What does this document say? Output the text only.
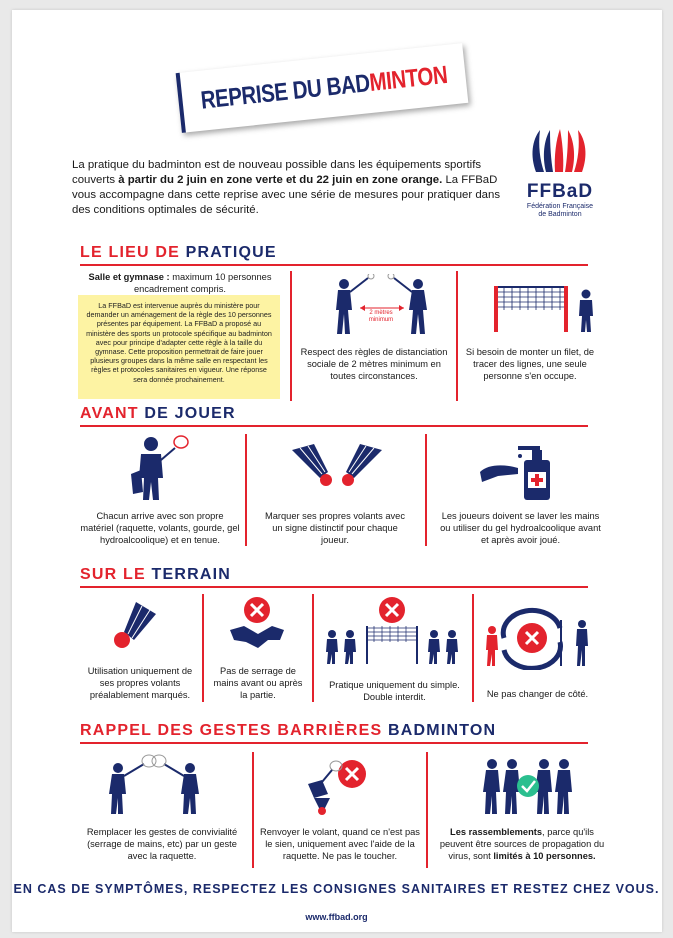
REPRISE DU BADMINTON
La pratique du badminton est de nouveau possible dans les équipements sportifs couverts à partir du 2 juin en zone verte et du 22 juin en zone orange. La FFBaD vous accompagne dans cette reprise avec une série de mesures pour pratiquer dans des conditions optimales de sécurité.
FFBaD
Fédération Française
de Badminton
LE LIEU DE PRATIQUE
Salle et gymnase : maximum 10 personnes encadrement compris.
La FFBaD est intervenue auprès du ministère pour demander un aménagement de la règle des 10 personnes présentes par équipement. La FFBaD a proposé au ministère des sports un protocole spécifique au badminton avec pour principe d'adapter cette règle à la taille du gymnase. Cette proposition permettrait de faire jouer plusieurs groupes dans la même salle en respectant les règles et protocoles sanitaires en vigueur. Une réponse sera donnée prochainement.
2 mètres
minimum
Respect des règles de distanciation sociale de 2 mètres minimum en toutes circonstances.
Si besoin de monter un filet, de tracer des lignes, une seule personne s'en occupe.
AVANT DE JOUER
Chacun arrive avec son propre matériel (raquette, volants, gourde, gel hydroalcoolique) et en tenue.
Marquer ses propres volants avec un signe distinctif pour chaque joueur.
Les joueurs doivent se laver les mains ou utiliser du gel hydroalcoolique avant et après avoir joué.
SUR LE TERRAIN
Utilisation uniquement de ses propres volants préalablement marqués.
Pas de serrage de mains avant ou après la partie.
Pratique uniquement du simple. Double interdit.	Ne pas changer de côté.
RAPPEL DES GESTES BARRIÈRES BADMINTON
Remplacer les gestes de convivialité (serrage de mains, etc) par un geste avec la raquette.
Renvoyer le volant, quand ce n'est pas le sien, uniquement avec l'aide de la raquette. Ne pas le toucher.
Les rassemblements, parce qu'ils peuvent être sources de propagation du virus, sont limités à 10 personnes.
EN CAS DE SYMPTÔMES, RESPECTEZ LES CONSIGNES SANITAIRES ET RESTEZ CHEZ VOUS.
www.ffbad.org
